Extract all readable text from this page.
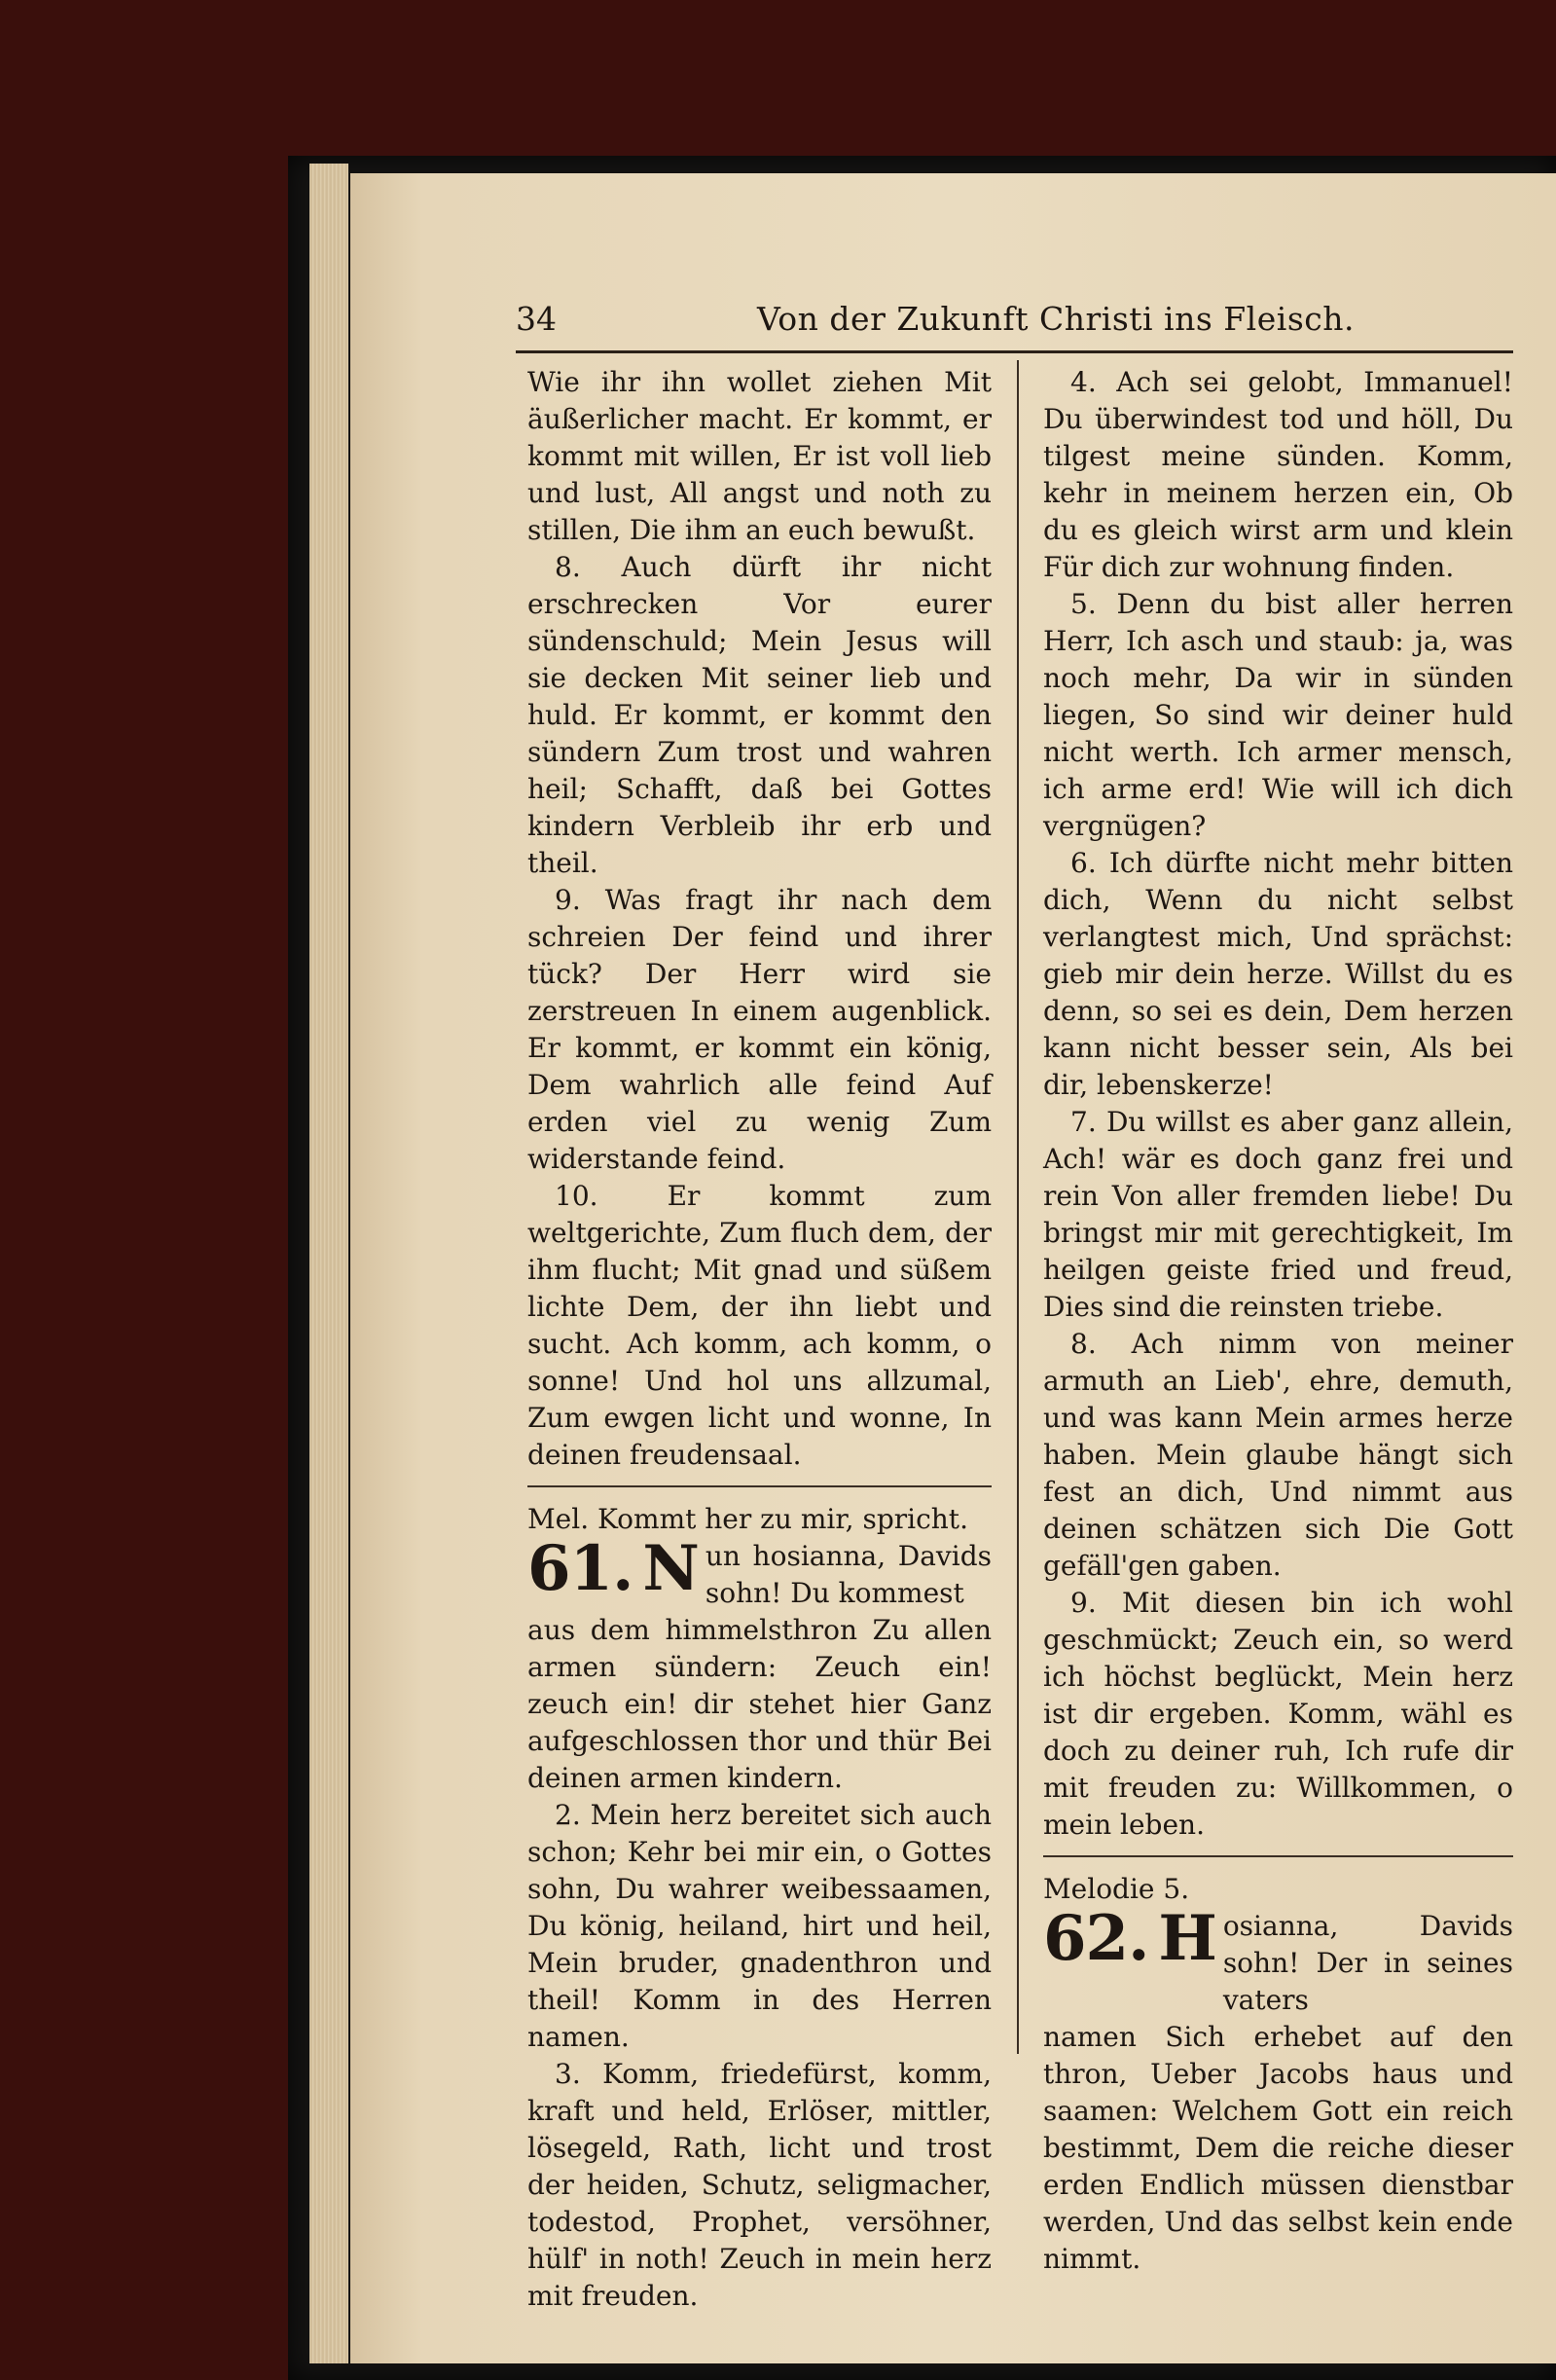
34	Von der Zukunft Christi ins Fleisch.

Wie ihr ihn wollet ziehen Mit äußerlicher macht. Er kommt, er kommt mit willen, Er ist voll lieb und lust, All angst und noth zu stillen, Die ihm an euch bewußt.

8. Auch dürft ihr nicht erschrecken Vor eurer sündenschuld; Mein Jesus will sie decken Mit seiner lieb und huld. Er kommt, er kommt den sündern Zum trost und wahren heil; Schafft, daß bei Gottes kindern Verbleib ihr erb und theil.

9. Was fragt ihr nach dem schreien Der feind und ihrer tück? Der Herr wird sie zerstreuen In einem augenblick. Er kommt, er kommt ein könig, Dem wahrlich alle feind Auf erden viel zu wenig Zum widerstande feind.

10. Er kommt zum weltgerichte, Zum fluch dem, der ihm flucht; Mit gnad und süßem lichte Dem, der ihn liebt und sucht. Ach komm, ach komm, o sonne! Und hol uns allzumal, Zum ewgen licht und wonne, In deinen freudensaal.

Mel. Kommt her zu mir, spricht.

61. N un hosianna, Davids sohn! Du kommest

aus dem himmelsthron Zu allen armen sündern: Zeuch ein! zeuch ein! dir stehet hier Ganz aufgeschlossen thor und thür Bei deinen armen kindern.

2. Mein herz bereitet sich auch schon; Kehr bei mir ein, o Gottes sohn, Du wahrer weibessaamen, Du könig, heiland, hirt und heil, Mein bruder, gnadenthron und theil! Komm in des Herren namen.

3. Komm, friedefürst, komm, kraft und held, Erlöser, mittler, lösegeld, Rath, licht und trost der heiden, Schutz, seligmacher, todestod, Prophet, versöhner, hülf' in noth! Zeuch in mein herz mit freuden.

4. Ach sei gelobt, Immanuel! Du überwindest tod und höll, Du tilgest meine sünden. Komm, kehr in meinem herzen ein, Ob du es gleich wirst arm und klein Für dich zur wohnung finden.

5. Denn du bist aller herren Herr, Ich asch und staub: ja, was noch mehr, Da wir in sünden liegen, So sind wir deiner huld nicht werth. Ich armer mensch, ich arme erd! Wie will ich dich vergnügen?

6. Ich dürfte nicht mehr bitten dich, Wenn du nicht selbst verlangtest mich, Und sprächst: gieb mir dein herze. Willst du es denn, so sei es dein, Dem herzen kann nicht besser sein, Als bei dir, lebenskerze!

7. Du willst es aber ganz allein, Ach! wär es doch ganz frei und rein Von aller fremden liebe! Du bringst mir mit gerechtigkeit, Im heilgen geiste fried und freud, Dies sind die reinsten triebe.

8. Ach nimm von meiner armuth an Lieb', ehre, demuth, und was kann Mein armes herze haben. Mein glaube hängt sich fest an dich, Und nimmt aus deinen schätzen sich Die Gott gefäll'gen gaben.

9. Mit diesen bin ich wohl geschmückt; Zeuch ein, so werd ich höchst beglückt, Mein herz ist dir ergeben. Komm, wähl es doch zu deiner ruh, Ich rufe dir mit freuden zu: Willkommen, o mein leben.

Melodie 5.

62. H osianna, Davids sohn! Der in seines vaters

namen Sich erhebet auf den thron, Ueber Jacobs haus und saamen: Welchem Gott ein reich bestimmt, Dem die reiche dieser erden Endlich müssen dienstbar werden, Und das selbst kein ende nimmt.
